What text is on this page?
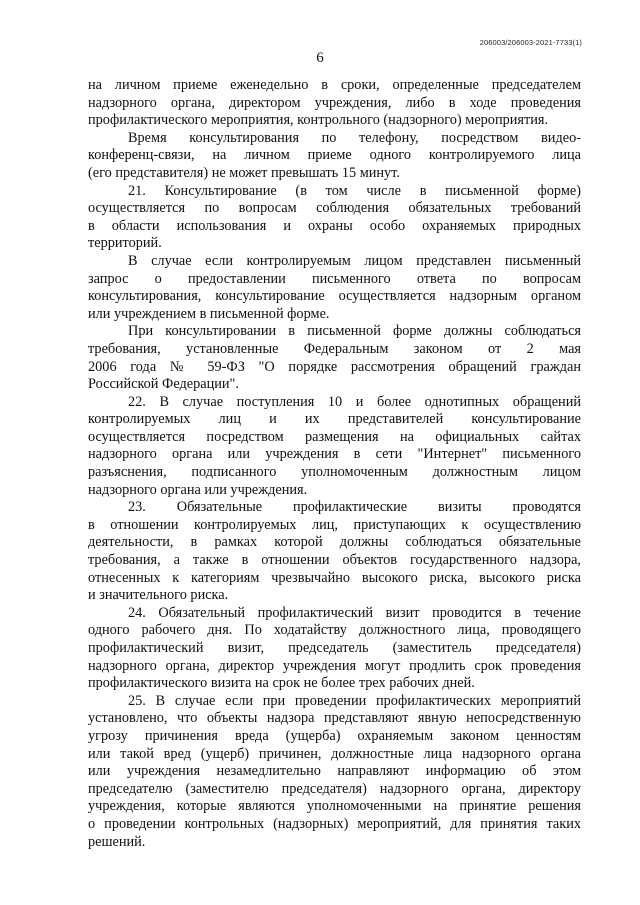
206003/206003-2021-7733(1)
6
на личном приеме еженедельно в сроки, определенные председателем
надзорного органа, директором учреждения, либо в ходе проведения
профилактического мероприятия, контрольного (надзорного) мероприятия.
Время консультирования по телефону, посредством видео-
конференц-связи, на личном приеме одного контролируемого лица
(его представителя) не может превышать 15 минут.
21. Консультирование (в том числе в письменной форме)
осуществляется по вопросам соблюдения обязательных требований
в области использования и охраны особо охраняемых природных
территорий.
В случае если контролируемым лицом представлен письменный
запрос о предоставлении письменного ответа по вопросам
консультирования, консультирование осуществляется надзорным органом
или учреждением в письменной форме.
При консультировании в письменной форме должны соблюдаться
требования, установленные Федеральным законом от 2 мая
2006 года № 59-ФЗ "О порядке рассмотрения обращений граждан
Российской Федерации".
22. В случае поступления 10 и более однотипных обращений
контролируемых лиц и их представителей консультирование
осуществляется посредством размещения на официальных сайтах
надзорного органа или учреждения в сети "Интернет" письменного
разъяснения, подписанного уполномоченным должностным лицом
надзорного органа или учреждения.
23. Обязательные профилактические визиты проводятся
в отношении контролируемых лиц, приступающих к осуществлению
деятельности, в рамках которой должны соблюдаться обязательные
требования, а также в отношении объектов государственного надзора,
отнесенных к категориям чрезвычайно высокого риска, высокого риска
и значительного риска.
24. Обязательный профилактический визит проводится в течение
одного рабочего дня. По ходатайству должностного лица, проводящего
профилактический визит, председатель (заместитель председателя)
надзорного органа, директор учреждения могут продлить срок проведения
профилактического визита на срок не более трех рабочих дней.
25. В случае если при проведении профилактических мероприятий
установлено, что объекты надзора представляют явную непосредственную
угрозу причинения вреда (ущерба) охраняемым законом ценностям
или такой вред (ущерб) причинен, должностные лица надзорного органа
или учреждения незамедлительно направляют информацию об этом
председателю (заместителю председателя) надзорного органа, директору
учреждения, которые являются уполномоченными на принятие решения
о проведении контрольных (надзорных) мероприятий, для принятия таких
решений.
